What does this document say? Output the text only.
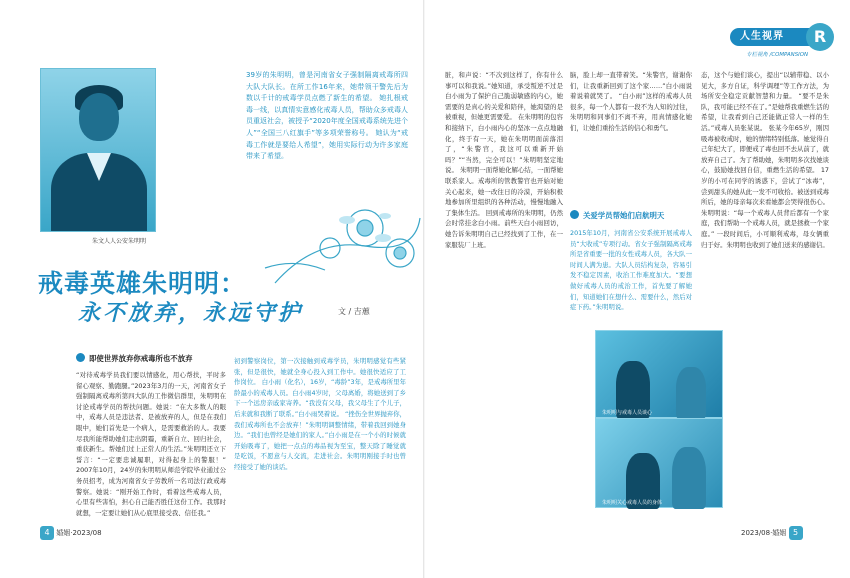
朱文人人公安朱明明
39岁的朱明明，曾是河南省女子强制隔离戒毒所四大队大队长。在所工作16年来，她带领干警先后为数以千计的戒毒学员点燃了新生的希望。 她扎根戒毒一线，以真情实意感化戒毒人员，帮助众多戒毒人员重返社会，被授予“2020年度全国戒毒系统先进个人”“全国三八红旗手”等多项荣誉称号。 她认为“戒毒工作就是要给人希望”，她用实际行动为许多家庭带来了希望。
戒毒英雄朱明明：
永不放弃，永远守护	文 / 吉蕙
即使世界放弃你戒毒所也不放弃
“对待戒毒学员我们要以情感化，用心帮扶，平时多留心观察、勤跑腿。”2023年3月的一天，河南省女子强制隔离戒毒所第四大队的工作微信群里，朱明明在讨论戒毒学员的帮扶问题。她说：“在大多数人的眼中，戒毒人员是违法者、是被放弃的人，但是在我们眼中，她们首先是一个病人，是需要救治的人。我要尽我所能帮助她们走出阴霾，重新自立、回归社会，重获新生。帮她们过上正常人的生活。”朱明明还立下誓言：“一定要忠诚履职，对得起身上的警服！” 2007年10月，24岁的朱明明从师范学院毕业通过公务员招考，成为河南省女子劳教所一名司法行政戒毒警察。她说：“刚开始工作时，看着这些戒毒人员，心里有些害怕，担心自己能否胜任这份工作。我那时就想，一定要让她们从心底里接受我、信任我。”
初到警察岗位，第一次接触到戒毒学员，朱明明感觉有些紧张，但是很快，她就全身心投入到工作中。她很快适应了工作岗位。 白小雨（化名），16岁，“毒龄”3年，是戒毒所里年龄最小的戒毒人员。白小雨4岁时，父母离婚，将她送到了乡下一个远房亲戚家寄养。“我没有父母，我父母生了个儿子，后来就和我断了联系。”白小雨哭着说。 “挫伤全世界抛弃你，我们戒毒所也不会放弃！”朱明明调整情绪，带着我回到她身边。“我们也曾经是她们的家人。”白小雨是在一个小的时候就开始吸毒了，她把一点点的毒品视为至宝，整天除了睡觉就是吃饭，不愿意与人交流，走进社会。朱明明刚接手时也曾经接受了她的谈话。
4 婚姻·2023/08
人生视界	R
专栏视角 /COMPANSION
脏，和声说：“不次到这样了，你有什么事可以和我说。”她知道，承受叛逆不过是白小雨为了保护自己脆弱敏感的内心，她需要的是真心的关爱和陪伴，她渴望的是被重视，但她更需要爱。 在朱明明的包容和接纳下，白小雨内心的坚冰一点点地融化，终于有一天，她在朱明明面前落泪了，“朱警官，我这可以重新开始吗？”“当然，完全可以！”朱明明坚定地说。 朱明明一面帮她化解心结，一面帮她联系家人。戒毒所的管教警官也开始对她关心起来，她一改往日的冷漠，开始积极地参加所里组织的各种活动，慢慢地融入了集体生活。 回到戒毒所的朱明明，仍然会时常挂念白小雨。前些天白小雨回访，她告诉朱明明自己已经找到了工作，在一家服装厂上班。
脑，脸上却一直带着笑。“朱警官，谢谢你们，让我重新回到了这个家……”白小雨说着说着就哭了。 “白小雨”这样的戒毒人员很多，每一个人都有一段不为人知的过往，朱明明和同事们不离不弃，用真情感化她们，让她们重拾生活的信心和勇气。
关爱学员帮她们启航明天
2015年10月，河南省公安系统开展戒毒人员“大收戒”专项行动。省女子强制隔离戒毒所是省重要一批的女性戒毒人员，各大队一时间人满为患。大队人员结构复杂，容易引发不稳定因素，收治工作难度加大。“要想做好戒毒人员的戒治工作，首先要了解她们，知道她们在想什么、需要什么，然后对症下药。”朱明明说。
态，这个与她们谈心，提出“以辅带稳、以小见大，多方自证，科学调理”等工作方法，为场所安全稳定贡献智慧和力量。 “要不是朱队，我可能已经不在了。”是她帮我重燃生活的希望，让我看到自己还能做正常人一样的生活。”戒毒人员张某说。 张某今年65岁，刚因吸毒被收戒时，她的情绪特别低落。她觉得自己年纪大了，即便戒了毒也回不去从前了，就放弃自己了。为了帮助她，朱明明多次找她谈心，鼓励她找回自信，重燃生活的希望。 17岁的小可在同学的诱惑下，尝试了“冰毒”，尝到甜头的她从此一发不可收拾。被送到戒毒所后，她的母亲每次来看她都会哭得很伤心。 朱明明说：“每一个戒毒人员背后都有一个家庭，我们帮助一个戒毒人员，就是拯救一个家庭。” 一段时间后，小可顺利戒毒，母女俩重归于好。朱明明也收到了她们送来的感谢信。
2023/08·婚姻 5
朱明明与戒毒人员谈心
朱明明关心戒毒人员的身体
